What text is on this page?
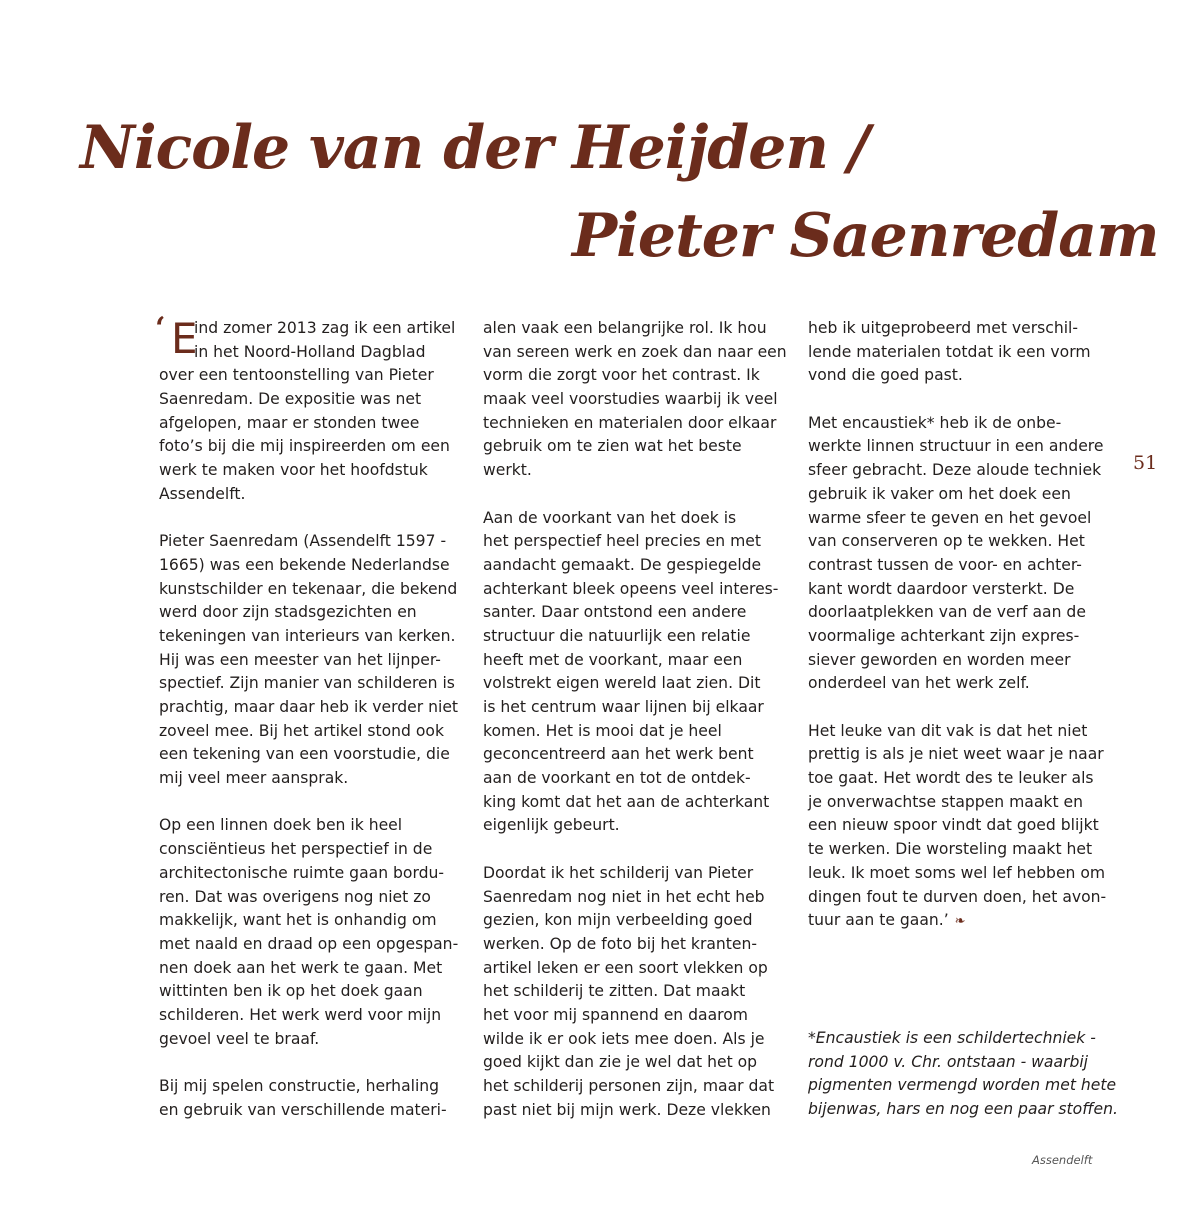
Nicole van der Heijden /
Pieter Saenredam
‘ E
ind zomer 2013 zag ik een artikel
in het Noord-Holland Dagblad
over een tentoonstelling van Pieter
Saenredam. De expositie was net
afgelopen, maar er stonden twee
foto’s bij die mij inspireerden om een
werk te maken voor het hoofdstuk
Assendelft.
Pieter Saenredam (Assendelft 1597 -
1665) was een bekende Nederlandse
kunstschilder en tekenaar, die bekend
werd door zijn stadsgezichten en
tekeningen van interieurs van kerken.
Hij was een meester van het lijnper-
spectief. Zijn manier van schilderen is
prachtig, maar daar heb ik verder niet
zoveel mee. Bij het artikel stond ook
een tekening van een voorstudie, die
mij veel meer aansprak.
Op een linnen doek ben ik heel
consciëntieus het perspectief in de
architectonische ruimte gaan bordu-
ren. Dat was overigens nog niet zo
makkelijk, want het is onhandig om
met naald en draad op een opgespan-
nen doek aan het werk te gaan. Met
wittinten ben ik op het doek gaan
schilderen. Het werk werd voor mijn
gevoel veel te braaf.
Bij mij spelen constructie, herhaling
en gebruik van verschillende materi-
alen vaak een belangrijke rol. Ik hou
van sereen werk en zoek dan naar een
vorm die zorgt voor het contrast. Ik
maak veel voorstudies waarbij ik veel
technieken en materialen door elkaar
gebruik om te zien wat het beste
werkt.
Aan de voorkant van het doek is
het perspectief heel precies en met
aandacht gemaakt. De gespiegelde
achterkant bleek opeens veel interes-
santer. Daar ontstond een andere
structuur die natuurlijk een relatie
heeft met de voorkant, maar een
volstrekt eigen wereld laat zien. Dit
is het centrum waar lijnen bij elkaar
komen. Het is mooi dat je heel
geconcentreerd aan het werk bent
aan de voorkant en tot de ontdek-
king komt dat het aan de achterkant
eigenlijk gebeurt.
Doordat ik het schilderij van Pieter
Saenredam nog niet in het echt heb
gezien, kon mijn verbeelding goed
werken. Op de foto bij het kranten-
artikel leken er een soort vlekken op
het schilderij te zitten. Dat maakt
het voor mij spannend en daarom
wilde ik er ook iets mee doen. Als je
goed kijkt dan zie je wel dat het op
het schilderij personen zijn, maar dat
past niet bij mijn werk. Deze vlekken
heb ik uitgeprobeerd met verschil-
lende materialen totdat ik een vorm
vond die goed past.
Met encaustiek* heb ik de onbe-
werkte linnen structuur in een andere
sfeer gebracht. Deze aloude techniek
gebruik ik vaker om het doek een
warme sfeer te geven en het gevoel
van conserveren op te wekken. Het
contrast tussen de voor- en achter-
kant wordt daardoor versterkt. De
doorlaatplekken van de verf aan de
voormalige achterkant zijn expres-
siever geworden en worden meer
onderdeel van het werk zelf.
Het leuke van dit vak is dat het niet
prettig is als je niet weet waar je naar
toe gaat. Het wordt des te leuker als
je onverwachtse stappen maakt en
een nieuw spoor vindt dat goed blijkt
te werken. Die worsteling maakt het
leuk. Ik moet soms wel lef hebben om
dingen fout te durven doen, het avon-
tuur aan te gaan.’ ❧
*Encaustiek is een schildertechniek -
rond 1000 v. Chr. ontstaan - waarbij
pigmenten vermengd worden met hete
bijenwas, hars en nog een paar stoffen.
51
Assendelft
